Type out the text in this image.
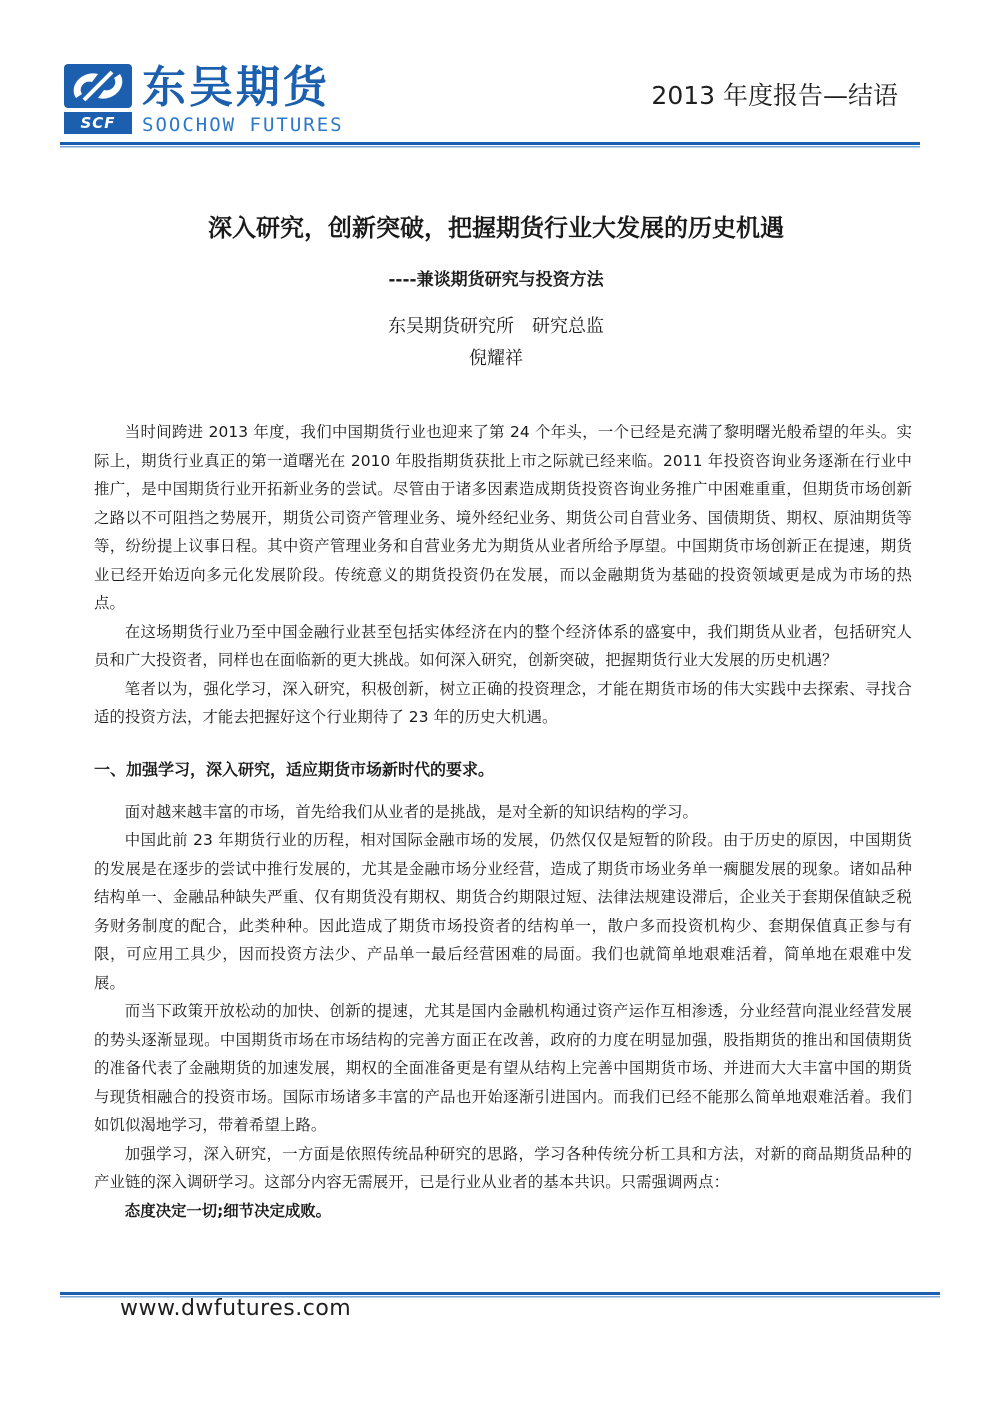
SCF
东吴期货
SOOCHOW FUTURES
2013 年度报告—结语
深入研究，创新突破，把握期货行业大发展的历史机遇
----兼谈期货研究与投资方法
东吴期货研究所　研究总监
倪耀祥

当时间跨进 2013 年度，我们中国期货行业也迎来了第 24 个年头，一个已经是充满了黎明曙光般希望的年头。实际上，期货行业真正的第一道曙光在 2010 年股指期货获批上市之际就已经来临。2011 年投资咨询业务逐渐在行业中推广，是中国期货行业开拓新业务的尝试。尽管由于诸多因素造成期货投资咨询业务推广中困难重重，但期货市场创新之路以不可阻挡之势展开，期货公司资产管理业务、境外经纪业务、期货公司自营业务、国债期货、期权、原油期货等等，纷纷提上议事日程。其中资产管理业务和自营业务尤为期货从业者所给予厚望。中国期货市场创新正在提速，期货业已经开始迈向多元化发展阶段。传统意义的期货投资仍在发展，而以金融期货为基础的投资领域更是成为市场的热点。

在这场期货行业乃至中国金融行业甚至包括实体经济在内的整个经济体系的盛宴中，我们期货从业者，包括研究人员和广大投资者，同样也在面临新的更大挑战。如何深入研究，创新突破，把握期货行业大发展的历史机遇？

笔者以为，强化学习，深入研究，积极创新，树立正确的投资理念，才能在期货市场的伟大实践中去探索、寻找合适的投资方法，才能去把握好这个行业期待了 23 年的历史大机遇。

一、加强学习，深入研究，适应期货市场新时代的要求。

面对越来越丰富的市场，首先给我们从业者的是挑战，是对全新的知识结构的学习。

中国此前 23 年期货行业的历程，相对国际金融市场的发展，仍然仅仅是短暂的阶段。由于历史的原因，中国期货的发展是在逐步的尝试中推行发展的，尤其是金融市场分业经营，造成了期货市场业务单一瘸腿发展的现象。诸如品种结构单一、金融品种缺失严重、仅有期货没有期权、期货合约期限过短、法律法规建设滞后，企业关于套期保值缺乏税务财务制度的配合，此类种种。因此造成了期货市场投资者的结构单一，散户多而投资机构少、套期保值真正参与有限，可应用工具少，因而投资方法少、产品单一最后经营困难的局面。我们也就简单地艰难活着，简单地在艰难中发展。

而当下政策开放松动的加快、创新的提速，尤其是国内金融机构通过资产运作互相渗透，分业经营向混业经营发展的势头逐渐显现。中国期货市场在市场结构的完善方面正在改善，政府的力度在明显加强，股指期货的推出和国债期货的准备代表了金融期货的加速发展，期权的全面准备更是有望从结构上完善中国期货市场、并进而大大丰富中国的期货与现货相融合的投资市场。国际市场诸多丰富的产品也开始逐渐引进国内。而我们已经不能那么简单地艰难活着。我们如饥似渴地学习，带着希望上路。

加强学习，深入研究，一方面是依照传统品种研究的思路，学习各种传统分析工具和方法，对新的商品期货品种的产业链的深入调研学习。这部分内容无需展开，已是行业从业者的基本共识。只需强调两点：

态度决定一切;细节决定成败。

www.dwfutures.com
